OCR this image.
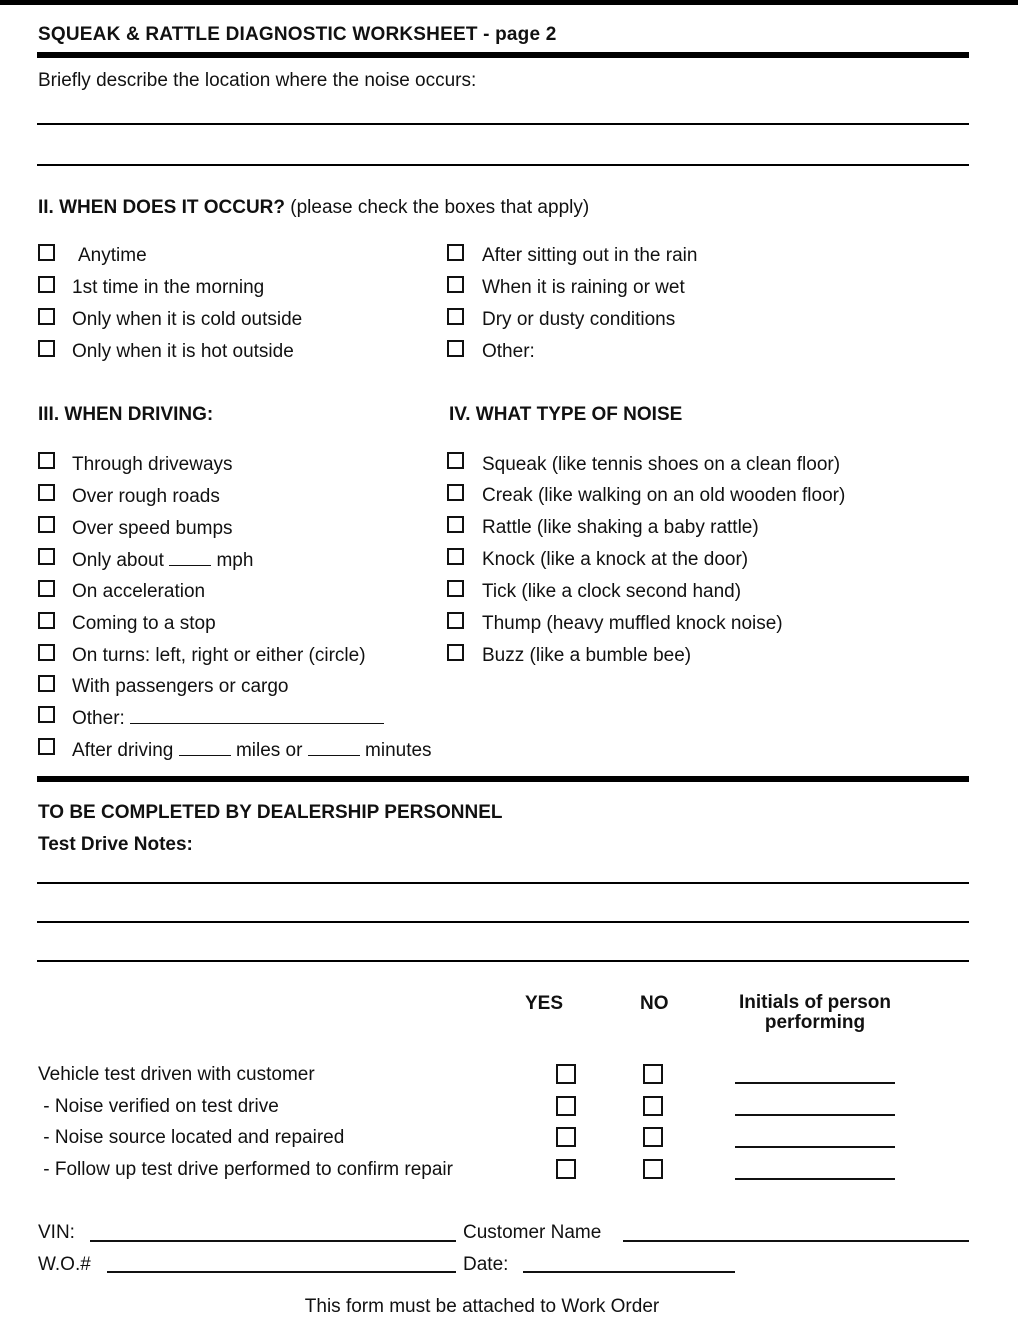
SQUEAK & RATTLE DIAGNOSTIC WORKSHEET - page 2
Briefly describe the location where the noise occurs:
II. WHEN DOES IT OCCUR? (please check the boxes that apply)
Anytime
1st time in the morning
Only when it is cold outside
Only when it is hot outside
After sitting out in the rain
When it is raining or wet
Dry or dusty conditions
Other:
III. WHEN DRIVING:
Through driveways
Over rough roads
Over speed bumps
Only about	mph
On acceleration
Coming to a stop
On turns: left, right or either (circle)
With passengers or cargo
Other:
After driving	miles or	minutes
IV. WHAT TYPE OF NOISE
Squeak (like tennis shoes on a clean floor)
Creak (like walking on an old wooden floor)
Rattle (like shaking a baby rattle)
Knock (like a knock at the door)
Tick (like a clock second hand)
Thump (heavy muffled knock noise)
Buzz (like a bumble bee)
TO BE COMPLETED BY DEALERSHIP PERSONNEL
Test Drive Notes:
YES	NO	Initials of person
performing
Vehicle test driven with customer
- Noise verified on test drive
- Noise source located and repaired
- Follow up test drive performed to confirm repair
VIN:	Customer Name
W.O.#	Date:
This form must be attached to Work Order
